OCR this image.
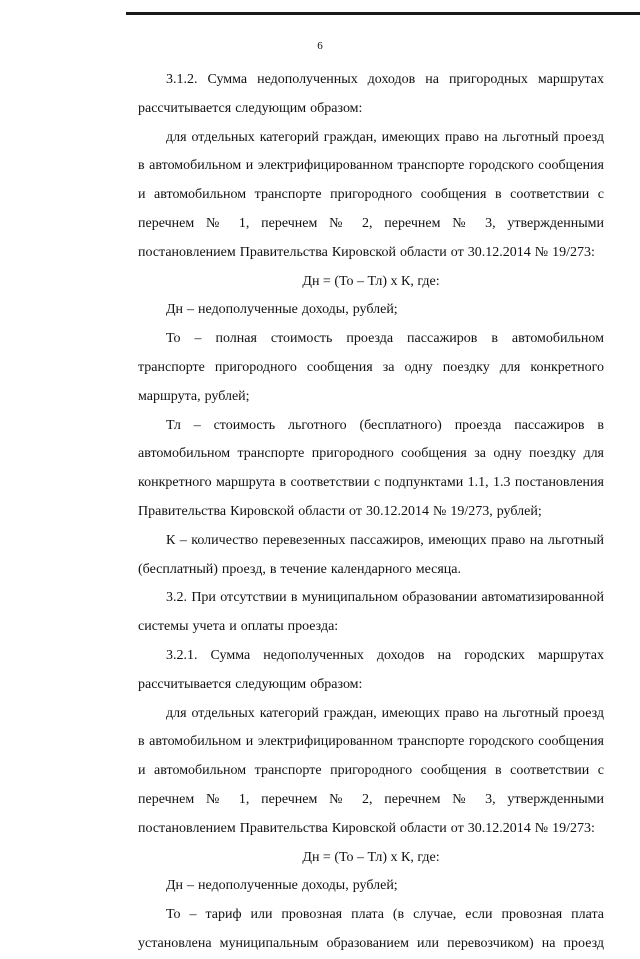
6

3.1.2. Сумма недополученных доходов на пригородных маршрутах рассчитывается следующим образом:

для отдельных категорий граждан, имеющих право на льготный проезд в автомобильном и электрифицированном транспорте городского сообщения и автомобильном транспорте пригородного сообщения в соответствии с перечнем № 1, перечнем № 2, перечнем № 3, утвержденными постановлением Правительства Кировской области от 30.12.2014 № 19/273:

Дн = (То – Тл) х К, где:

Дн – недополученные доходы, рублей;

То – полная стоимость проезда пассажиров в автомобильном транспорте пригородного сообщения за одну поездку для конкретного маршрута, рублей;

Тл – стоимость льготного (бесплатного) проезда пассажиров в автомобильном транспорте пригородного сообщения за одну поездку для конкретного маршрута в соответствии с подпунктами 1.1, 1.3 постановления Правительства Кировской области от 30.12.2014 № 19/273, рублей;

К – количество перевезенных пассажиров, имеющих право на льготный (бесплатный) проезд, в течение календарного месяца.

3.2. При отсутствии в муниципальном образовании автоматизированной системы учета и оплаты проезда:

3.2.1. Сумма недополученных доходов на городских маршрутах рассчитывается следующим образом:

для отдельных категорий граждан, имеющих право на льготный проезд в автомобильном и электрифицированном транспорте городского сообщения и автомобильном транспорте пригородного сообщения в соответствии с перечнем № 1, перечнем № 2, перечнем № 3, утвержденными постановлением Правительства Кировской области от 30.12.2014 № 19/273:

Дн = (То – Тл) х К, где:

Дн – недополученные доходы, рублей;

То – тариф или провозная плата (в случае, если провозная плата установлена муниципальным образованием или перевозчиком) на проезд
